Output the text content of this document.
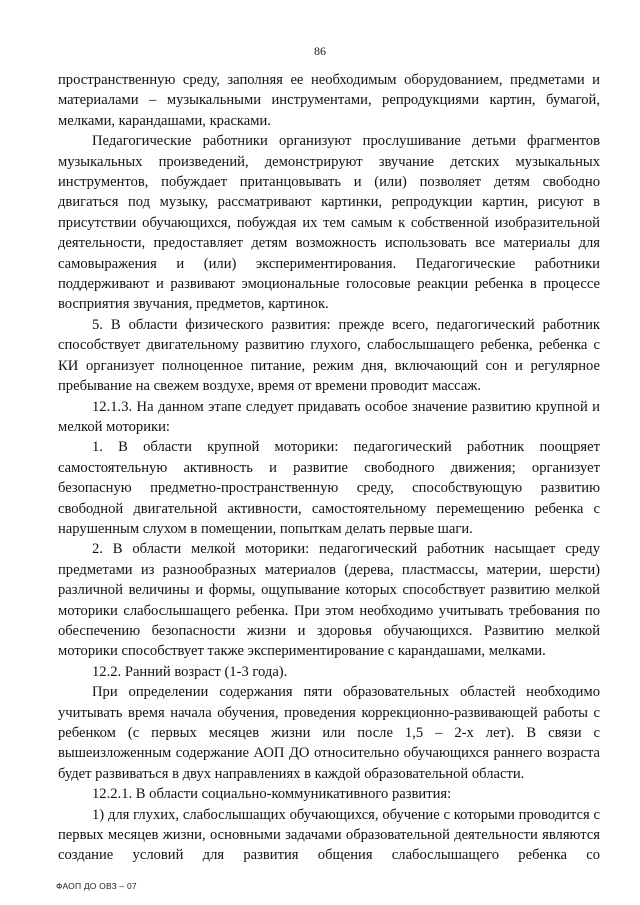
86

пространственную среду, заполняя ее необходимым оборудованием, предметами и материалами – музыкальными инструментами, репродукциями картин, бумагой, мелками, карандашами, красками.

Педагогические работники организуют прослушивание детьми фрагментов музыкальных произведений, демонстрируют звучание детских музыкальных инструментов, побуждает пританцовывать и (или) позволяет детям свободно двигаться под музыку, рассматривают картинки, репродукции картин, рисуют в присутствии обучающихся, побуждая их тем самым к собственной изобразительной деятельности, предоставляет детям возможность использовать все материалы для самовыражения и (или) экспериментирования. Педагогические работники поддерживают и развивают эмоциональные голосовые реакции ребенка в процессе восприятия звучания, предметов, картинок.

5. В области физического развития: прежде всего, педагогический работник способствует двигательному развитию глухого, слабослышащего ребенка, ребенка с КИ организует полноценное питание, режим дня, включающий сон и регулярное пребывание на свежем воздухе, время от времени проводит массаж.

12.1.3. На данном этапе следует придавать особое значение развитию крупной и мелкой моторики:

1. В области крупной моторики: педагогический работник поощряет самостоятельную активность и развитие свободного движения; организует безопасную предметно-пространственную среду, способствующую развитию свободной двигательной активности, самостоятельному перемещению ребенка с нарушенным слухом в помещении, попыткам делать первые шаги.

2. В области мелкой моторики: педагогический работник насыщает среду предметами из разнообразных материалов (дерева, пластмассы, материи, шерсти) различной величины и формы, ощупывание которых способствует развитию мелкой моторики слабослышащего ребенка. При этом необходимо учитывать требования по обеспечению безопасности жизни и здоровья обучающихся. Развитию мелкой моторики способствует также экспериментирование с карандашами, мелками.

12.2. Ранний возраст (1-3 года).

При определении содержания пяти образовательных областей необходимо учитывать время начала обучения, проведения коррекционно-развивающей работы с ребенком (с первых месяцев жизни или после 1,5 – 2-х лет). В связи с вышеизложенным содержание АОП ДО относительно обучающихся раннего возраста будет развиваться в двух направлениях в каждой образовательной области.

12.2.1. В области социально-коммуникативного развития:

1) для глухих, слабослышащих обучающихся, обучение с которыми проводится с первых месяцев жизни, основными задачами образовательной деятельности являются создание условий для развития общения слабослышащего ребенка со

ФАОП ДО ОВЗ – 07
